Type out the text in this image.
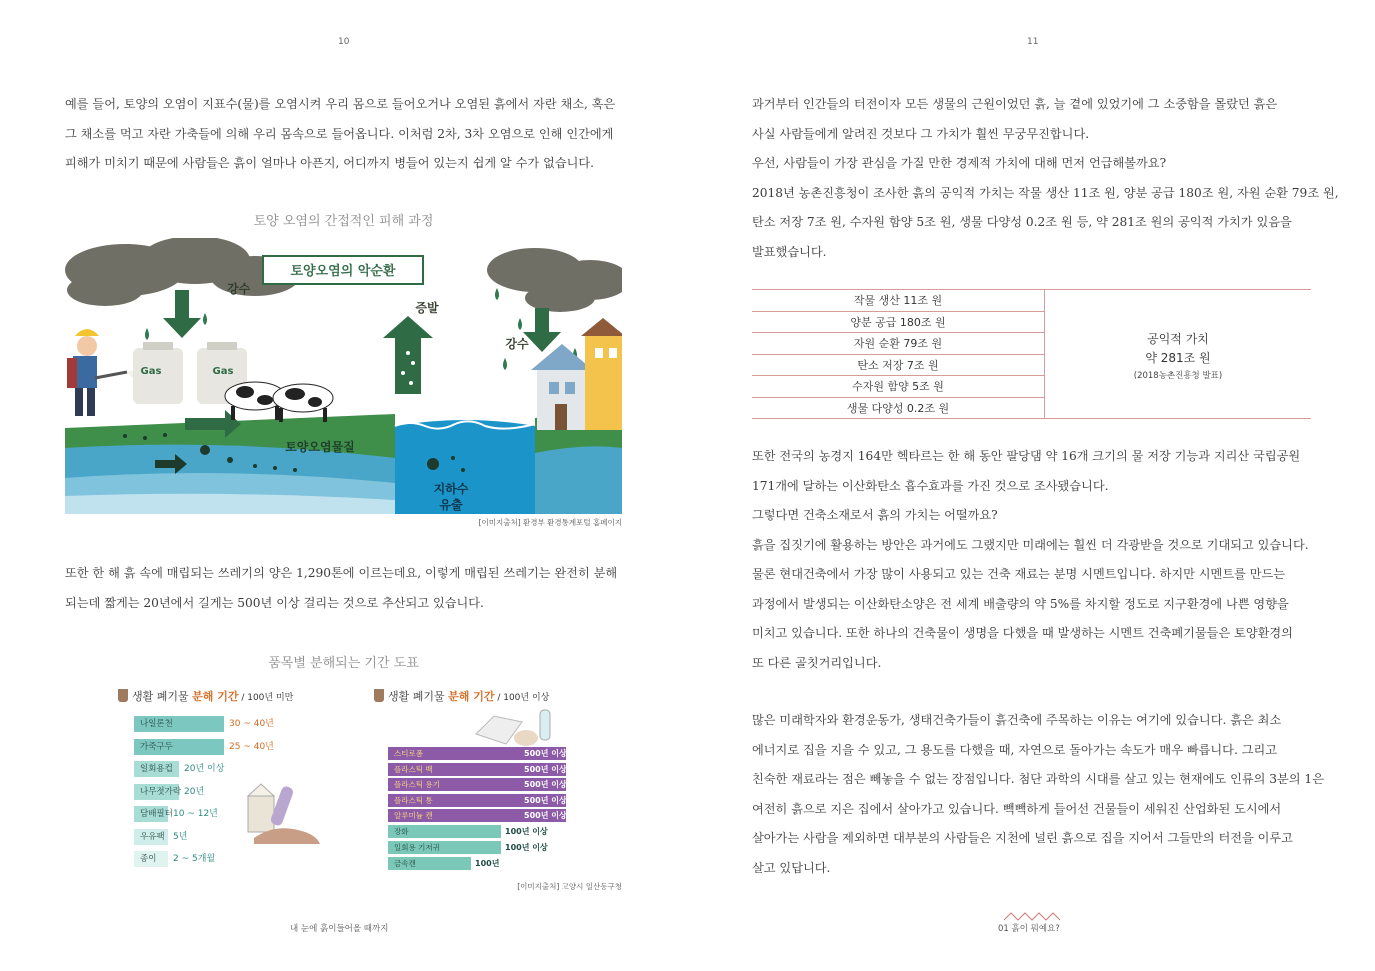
10
예를 들어, 토양의 오염이 지표수(물)를 오염시켜 우리 몸으로 들어오거나 오염된 흙에서 자란 채소, 혹은
그 채소를 먹고 자란 가축들에 의해 우리 몸속으로 들어옵니다. 이처럼 2차, 3차 오염으로 인해 인간에게
피해가 미치기 때문에 사람들은 흙이 얼마나 아픈지, 어디까지 병들어 있는지 쉽게 알 수가 없습니다.
토양 오염의 간접적인 피해 과정
토양오염의 악순환
강수
증발
강수
토양오염물질
지하수
유출
Gas	Gas
[이미지출처] 환경부 환경통계포털 홈페이지
또한 한 해 흙 속에 매립되는 쓰레기의 양은 1,290톤에 이르는데요, 이렇게 매립된 쓰레기는 완전히 분해
되는데 짧게는 20년에서 길게는 500년 이상 걸리는 것으로 추산되고 있습니다.
품목별 분해되는 기간 도표
생활 폐기물 분해 기간 / 100년 미만
나일론천	30 ~ 40년
가죽구두	25 ~ 40년
일회용컵 20년 이상
나무젓가락 20년
담배필터 10 ~ 12년
우유팩 5년
종이 2 ~ 5개월
생활 폐기물 분해 기간 / 100년 이상
스티로폼	500년 이상
플라스틱 백	500년 이상
플라스틱 용기	500년 이상
플라스틱 통	500년 이상
알루미늄 캔	500년 이상
장화	100년 이상
일회용 기저귀	100년 이상
금속캔	100년
[이미지출처] 고양시 일산동구청
내 눈에 흙이들어올 때까지
11
과거부터 인간들의 터전이자 모든 생물의 근원이었던 흙, 늘 곁에 있었기에 그 소중함을 몰랐던 흙은
사실 사람들에게 알려진 것보다 그 가치가 훨씬 무궁무진합니다.
우선, 사람들이 가장 관심을 가질 만한 경제적 가치에 대해 먼저 언급해볼까요?
2018년 농촌진흥청이 조사한 흙의 공익적 가치는 작물 생산 11조 원, 양분 공급 180조 원, 자원 순환 79조 원,
탄소 저장 7조 원, 수자원 함양 5조 원, 생물 다양성 0.2조 원 등, 약 281조 원의 공익적 가치가 있음을
발표했습니다.
작물 생산 11조 원
양분 공급 180조 원
자원 순환 79조 원
탄소 저장 7조 원
수자원 함양 5조 원
생물 다양성 0.2조 원
공익적 가치
약 281조 원
(2018농촌진흥청 발표)
또한 전국의 농경지 164만 헥타르는 한 해 동안 팔당댐 약 16개 크기의 물 저장 기능과 지리산 국립공원
171개에 달하는 이산화탄소 흡수효과를 가진 것으로 조사됐습니다.
그렇다면 건축소재로서 흙의 가치는 어떨까요?
흙을 집짓기에 활용하는 방안은 과거에도 그랬지만 미래에는 훨씬 더 각광받을 것으로 기대되고 있습니다.
물론 현대건축에서 가장 많이 사용되고 있는 건축 재료는 분명 시멘트입니다. 하지만 시멘트를 만드는
과정에서 발생되는 이산화탄소양은 전 세계 배출량의 약 5%를 차지할 정도로 지구환경에 나쁜 영향을
미치고 있습니다. 또한 하나의 건축물이 생명을 다했을 때 발생하는 시멘트 건축폐기물들은 토양환경의
또 다른 골칫거리입니다.
많은 미래학자와 환경운동가, 생태건축가들이 흙건축에 주목하는 이유는 여기에 있습니다. 흙은 최소
에너지로 집을 지을 수 있고, 그 용도를 다했을 때, 자연으로 돌아가는 속도가 매우 빠릅니다. 그리고
친숙한 재료라는 점은 빼놓을 수 없는 장점입니다. 첨단 과학의 시대를 살고 있는 현재에도 인류의 3분의 1은
여전히 흙으로 지은 집에서 살아가고 있습니다. 빽빽하게 들어선 건물들이 세워진 산업화된 도시에서
살아가는 사람을 제외하면 대부분의 사람들은 지천에 널린 흙으로 집을 지어서 그들만의 터전을 이루고
살고 있답니다.
01 흙이 뭐예요?
